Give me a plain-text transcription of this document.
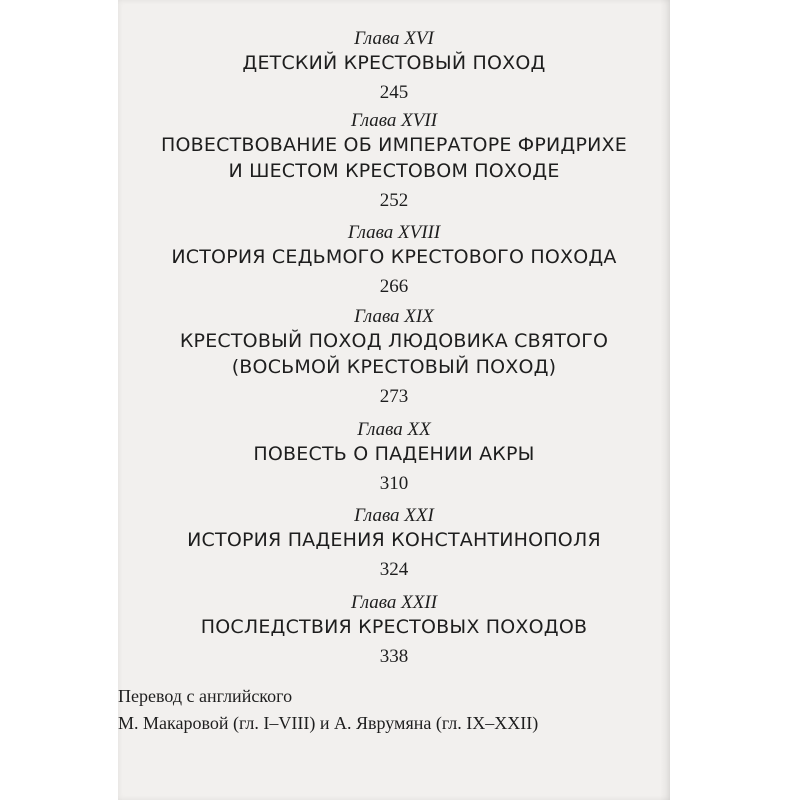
Глава XVI
ДЕТСКИЙ КРЕСТОВЫЙ ПОХОД
245
Глава XVII
ПОВЕСТВОВАНИЕ ОБ ИМПЕРАТОРЕ ФРИДРИХЕ
И ШЕСТОМ КРЕСТОВОМ ПОХОДЕ
252
Глава XVIII
ИСТОРИЯ СЕДЬМОГО КРЕСТОВОГО ПОХОДА
266
Глава XIX
КРЕСТОВЫЙ ПОХОД ЛЮДОВИКА СВЯТОГО
(ВОСЬМОЙ КРЕСТОВЫЙ ПОХОД)
273
Глава XX
ПОВЕСТЬ О ПАДЕНИИ АКРЫ
310
Глава XXI
ИСТОРИЯ ПАДЕНИЯ КОНСТАНТИНОПОЛЯ
324
Глава XXII
ПОСЛЕДСТВИЯ КРЕСТОВЫХ ПОХОДОВ
338
Перевод с английского
М. Макаровой (гл. I–VIII) и А. Яврумяна (гл. IX–XXII)
